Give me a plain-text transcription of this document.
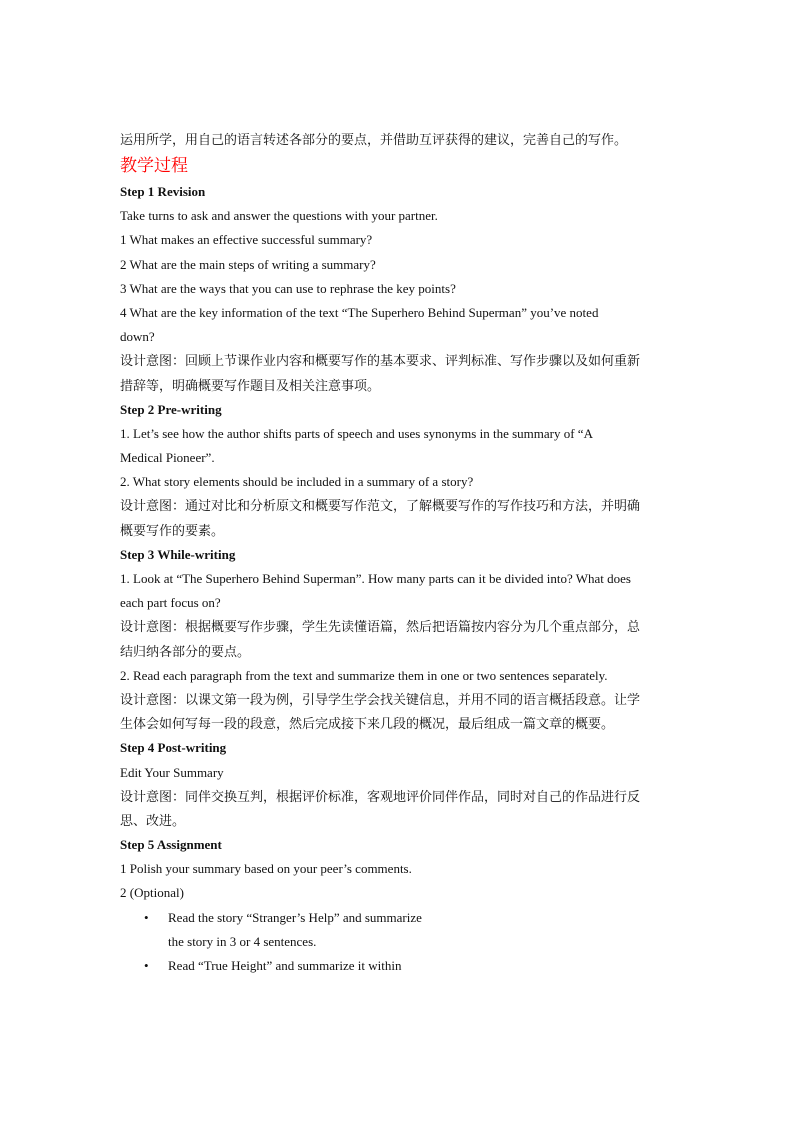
运用所学，用自己的语言转述各部分的要点，并借助互评获得的建议，完善自己的写作。
教学过程
Step 1 Revision
Take turns to ask and answer the questions with your partner.
1 What makes an effective successful summary?
2 What are the main steps of writing a summary?
3 What are the ways that you can use to rephrase the key points?
4 What are the key information of the text “The Superhero Behind Superman” you’ve noted
down?
设计意图：回顾上节课作业内容和概要写作的基本要求、评判标准、写作步骤以及如何重新
措辞等，明确概要写作题目及相关注意事项。
Step 2 Pre-writing
1. Let’s see how the author shifts parts of speech and uses synonyms in the summary of “A
Medical Pioneer”.
2. What story elements should be included in a summary of a story?
设计意图：通过对比和分析原文和概要写作范文，了解概要写作的写作技巧和方法，并明确
概要写作的要素。
Step 3 While-writing
1. Look at “The Superhero Behind Superman”. How many parts can it be divided into? What does
each part focus on?
设计意图：根据概要写作步骤，学生先读懂语篇，然后把语篇按内容分为几个重点部分，总
结归纳各部分的要点。
2. Read each paragraph from the text and summarize them in one or two sentences separately.
设计意图：以课文第一段为例，引导学生学会找关键信息，并用不同的语言概括段意。让学
生体会如何写每一段的段意，然后完成接下来几段的概况，最后组成一篇文章的概要。
Step 4 Post-writing
Edit Your Summary
设计意图：同伴交换互判，根据评价标准，客观地评价同伴作品，同时对自己的作品进行反
思、改进。
Step 5 Assignment
1 Polish your summary based on your peer’s comments.
2 (Optional)
• Read the story “Stranger’s Help” and summarize
the story in 3 or 4 sentences.
• Read “True Height” and summarize it within
